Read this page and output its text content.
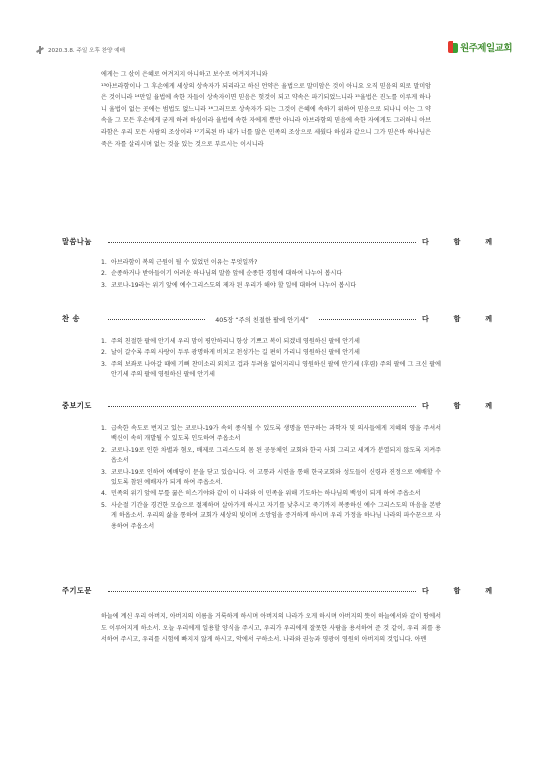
2020.3.8. 주일 오후 찬양 예배	원주제일교회

에게는 그 삯이 은혜로 여겨지지 아니하고 보수로 여겨지거니와

¹³아브라함이나 그 후손에게 세상의 상속자가 되리라고 하신 언약은 율법으로 말미암은 것이 아니요 오직 믿음의 의로 말미암은 것이니라 ¹⁴만일 율법에 속한 자들이 상속자이면 믿음은 헛것이 되고 약속은 파기되었느니라 ¹⁵율법은 진노를 이루게 하나니 율법이 없는 곳에는 범법도 없느니라 ¹⁶그러므로 상속자가 되는 그것이 은혜에 속하기 위하여 믿음으로 되나니 이는 그 약속을 그 모든 후손에게 굳게 하려 하심이라 율법에 속한 자에게 뿐만 아니라 아브라함의 믿음에 속한 자에게도 그러하니 아브라함은 우리 모든 사람의 조상이라 ¹⁷기록된 바 내가 너를 많은 민족의 조상으로 세웠다 하심과 같으니 그가 믿은바 하나님은 죽은 자를 살리시며 없는 것을 있는 것으로 부르시는 이시니라

말씀나눔	다	함	께
1. 아브라함이 복의 근원이 될 수 있었던 이유는 무엇일까?
2. 순종하거나 받아들이기 어려운 하나님의 말씀 앞에 순종한 경험에 대하여 나누어 봅시다
3. 코로나-19라는 위기 앞에 예수그리스도의 제자 된 우리가 해야 할 일에 대하여 나누어 봅시다
찬 송	405장 “주의 친절한 팔에 안기세”	다	함	께
1. 주의 친절한 팔에 안기세 우리 맘이 평안하리니 항상 기쁘고 복이 되겠네 영원하신 팔에 안기세
2. 날이 갈수록 주의 사랑이 두루 광명하게 비치고 천성가는 길 편히 가리니 영원하신 팔에 안기세
3. 주의 보좌로 나아갈 때에 기뻐 찬미소리 외치고 겁과 두려움 없어지리니 영원하신 팔에 안기세 (후렴) 주의 팔에 그 크신 팔에 안기세 주의 팔에 영원하신 팔에 안기세
중보기도	다	함	께
1. 급속한 속도로 번지고 있는 코로나-19가 속히 종식될 수 있도록 생명을 연구하는 과학자 및 의사들에게 지혜의 영을 주셔서 백신이 속히 개발될 수 있도록 인도하여 주옵소서
2. 코로나-19로 인한 차별과 혐오, 배제로 그리스도의 몸 된 공동체인 교회와 한국 사회 그리고 세계가 분열되지 않도록 지켜주옵소서
3. 코로나-19로 인하여 예배당이 문을 닫고 있습니다. 이 고통과 시련을 통해 한국교회와 성도들이 신령과 진정으로 예배할 수 있도록 참된 예배자가 되게 하여 주옵소서.
4. 민족의 위기 앞에 무릎 꿇은 히스기야와 같이 이 나라와 이 민족을 위해 기도하는 하나님의 백성이 되게 하여 주옵소서
5. 사순절 기간을 경건한 모습으로 절제하며 살아가게 하시고 자기를 낮추시고 죽기까지 복종하신 예수 그리스도의 마음을 본받게 하옵소서. 우리의 삶을 통하여 교회가 세상의 빛이며 소망임을 증거하게 하시며 우리 가정을 하나님 나라의 파수꾼으로 사용하여 주옵소서
주기도문	다	함	께

하늘에 계신 우리 아버지, 아버지의 이름을 거룩하게 하시며 아버지의 나라가 오게 하시며 아버지의 뜻이 하늘에서와 같이 땅에서도 이루어지게 하소서. 오늘 우리에게 일용할 양식을 주시고, 우리가 우리에게 잘못한 사람을 용서하여 준 것 같이, 우리 죄를 용서하여 주시고, 우리를 시험에 빠지지 않게 하시고, 악에서 구하소서. 나라와 권능과 영광이 영원히 아버지의 것입니다. 아멘
